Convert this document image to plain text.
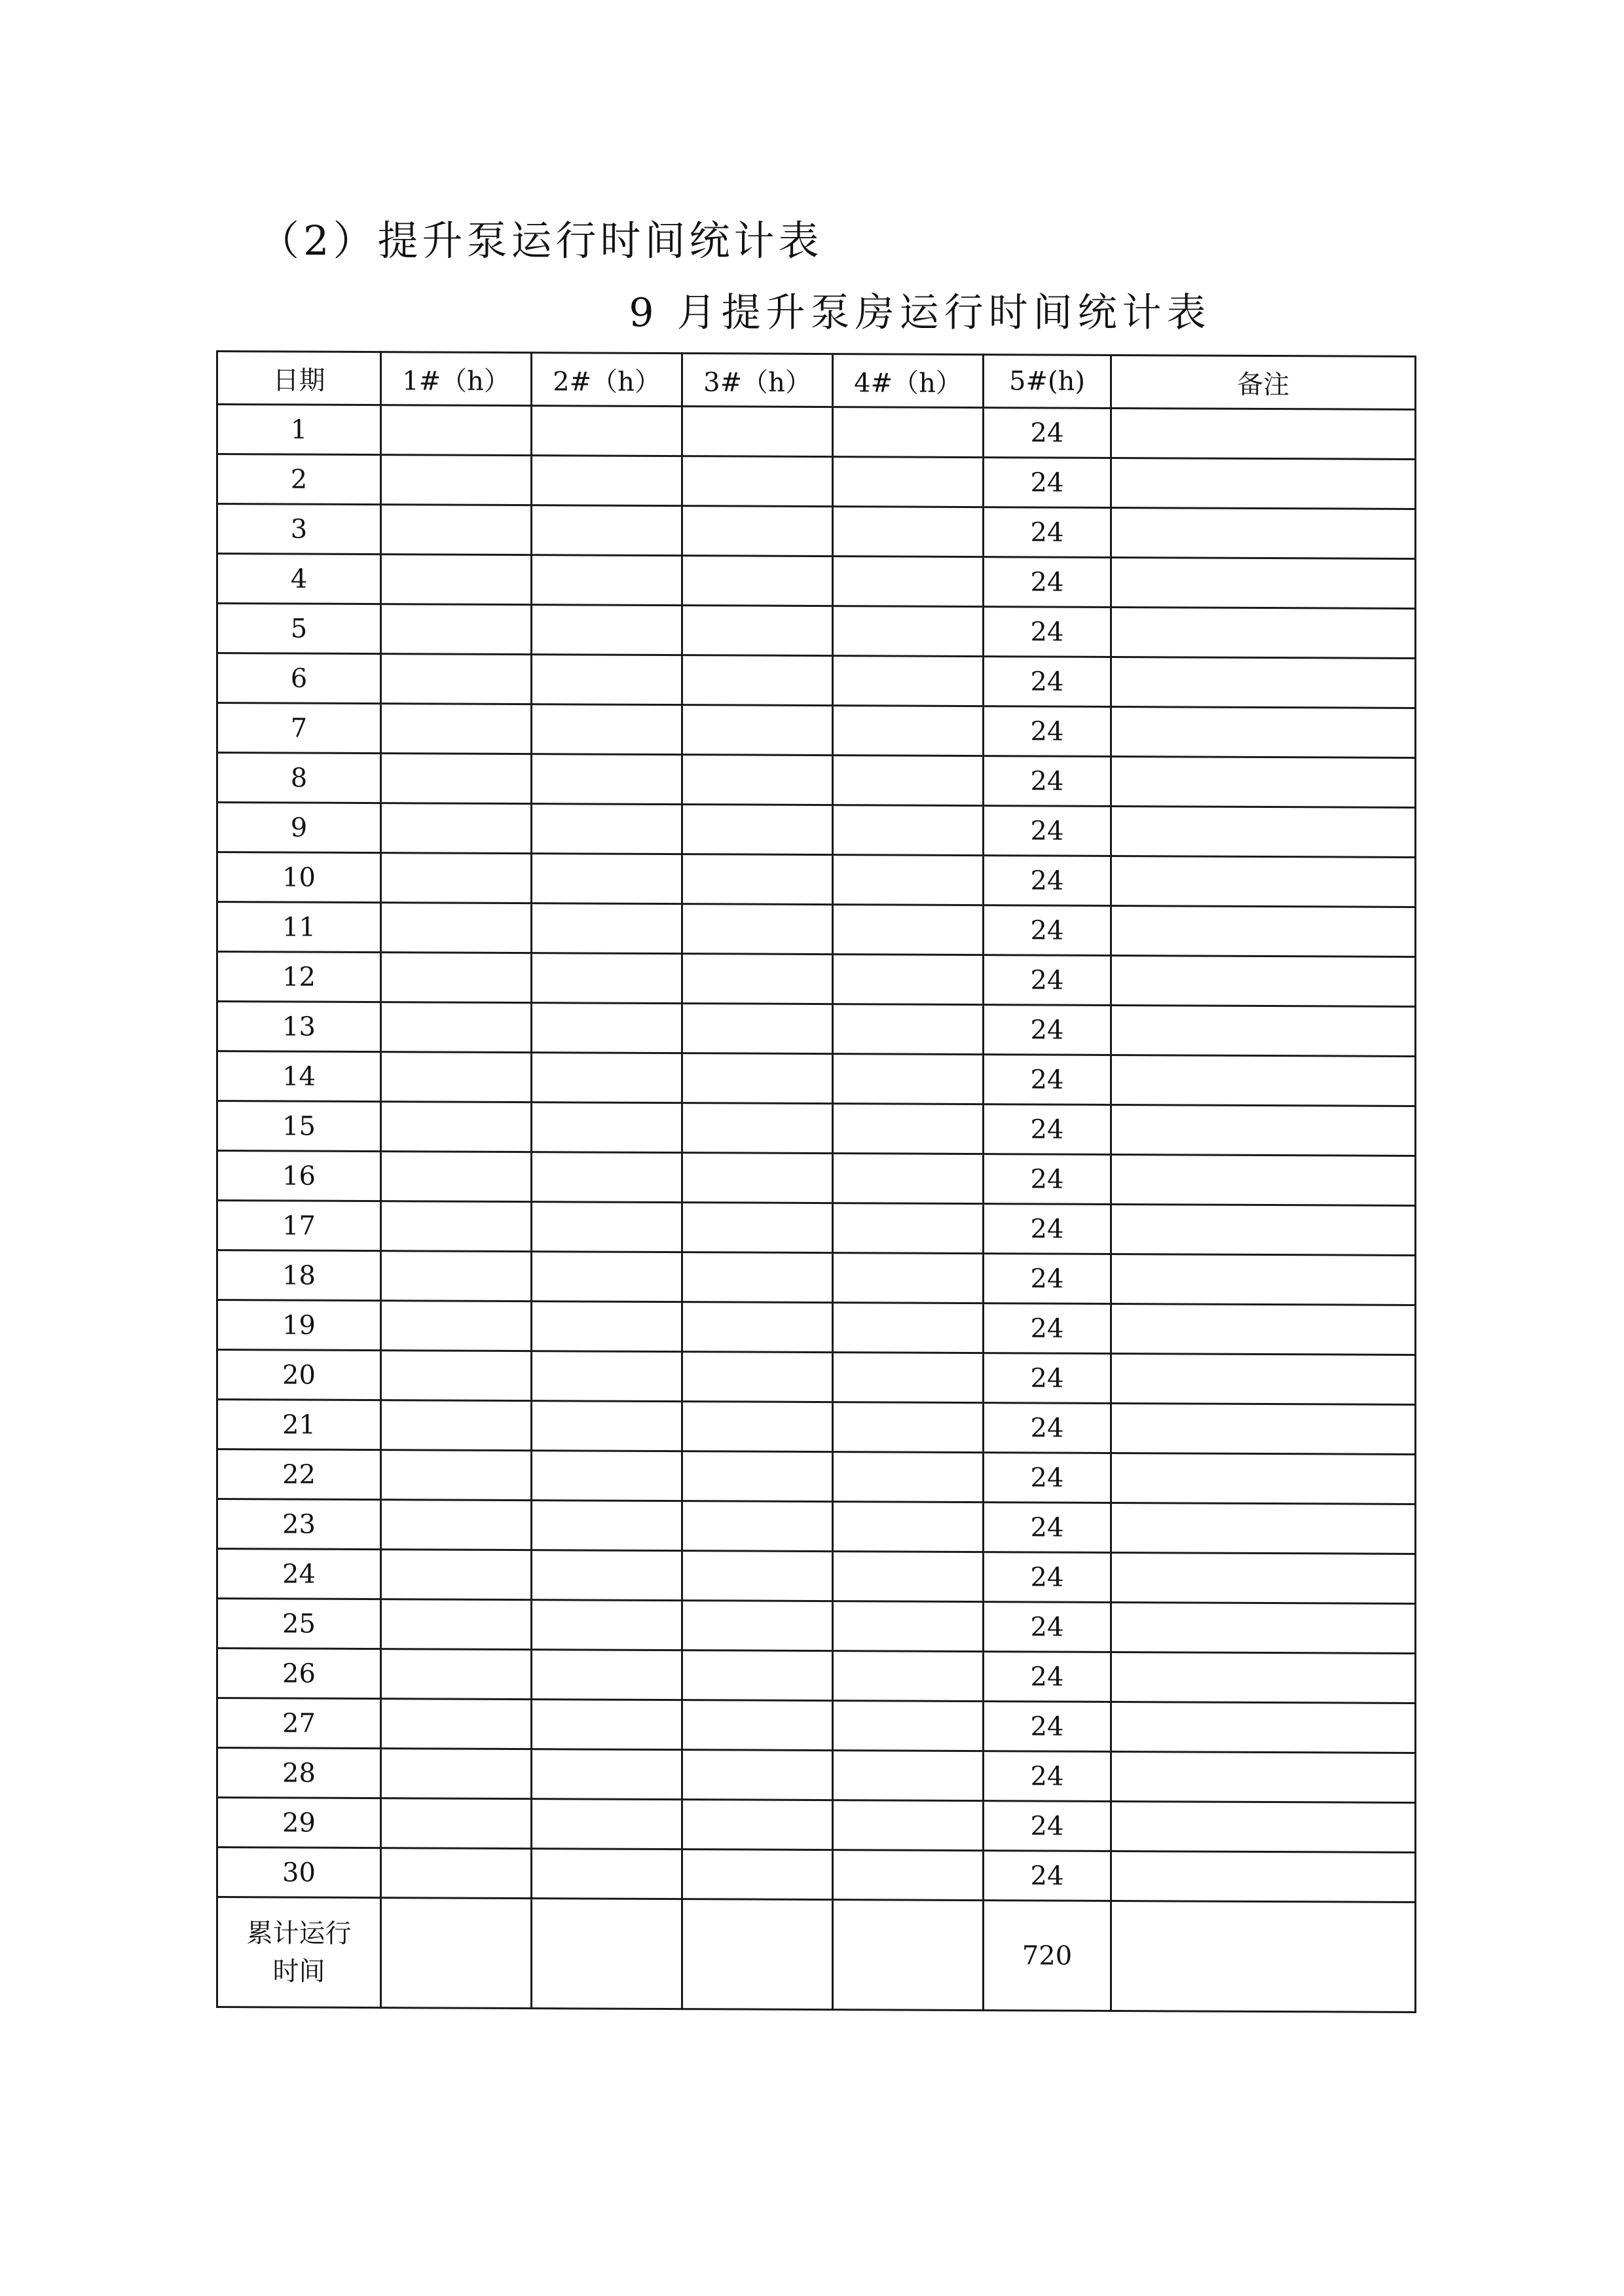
（2）提升泵运行时间统计表
9 月提升泵房运行时间统计表
日期	1#（h）	2#（h）	3#（h）	4#（h）	5#(h)	备注
1					24	
2					24	
3					24	
4					24	
5					24	
6					24	
7					24	
8					24	
9					24	
10					24	
11					24	
12					24	
13					24	
14					24	
15					24	
16					24	
17					24	
18					24	
19					24	
20					24	
21					24	
22					24	
23					24	
24					24	
25					24	
26					24	
27					24	
28					24	
29					24	
30					24	

累计运行
时间					720	
